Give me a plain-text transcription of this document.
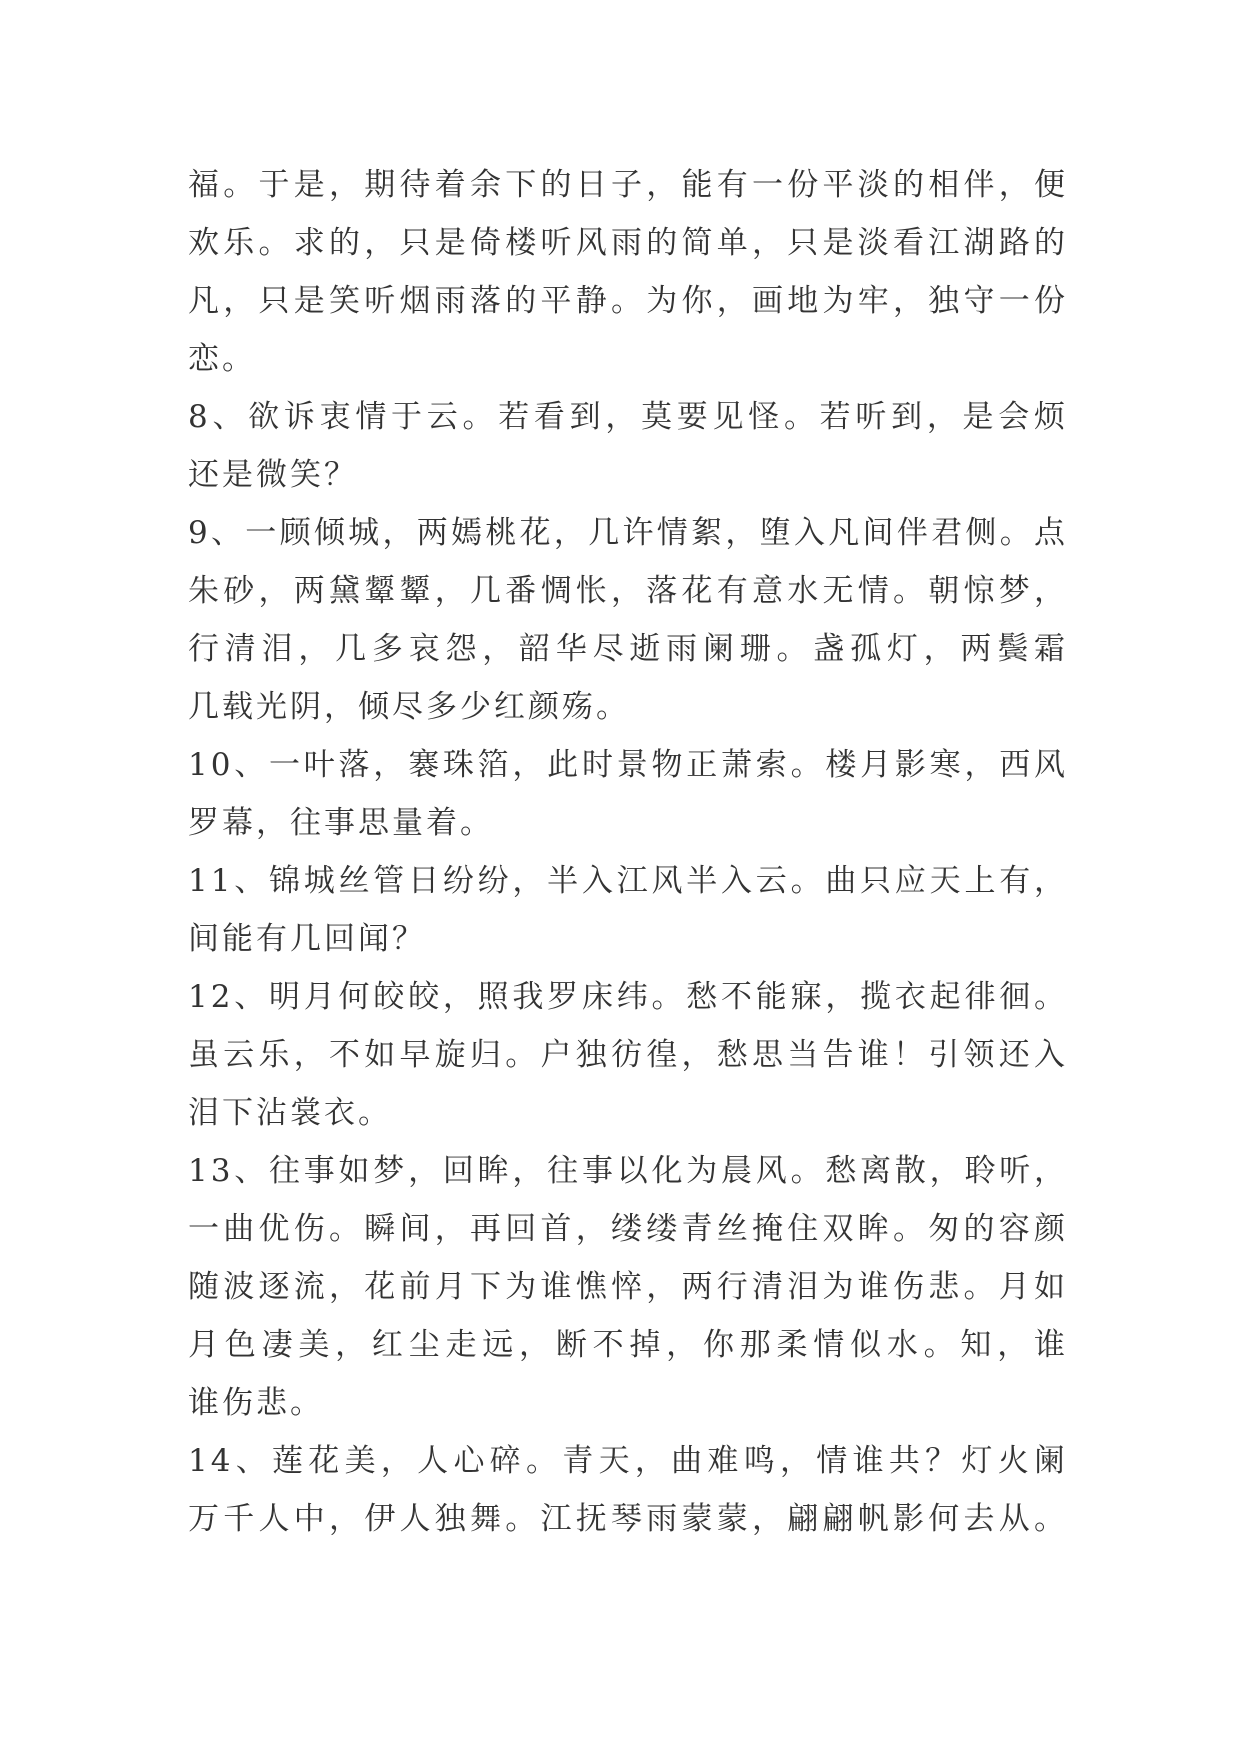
福。于是，期待着余下的日子，能有一份平淡的相伴，便
欢乐。求的，只是倚楼听风雨的简单，只是淡看江湖路的
凡，只是笑听烟雨落的平静。为你，画地为牢，独守一份
恋。
8、欲诉衷情于云。若看到，莫要见怪。若听到，是会烦
还是微笑？
9、一顾倾城，两嫣桃花，几许情絮，堕入凡间伴君侧。点
朱砂，两黛颦颦，几番惆怅，落花有意水无情。朝惊梦，
行清泪，几多哀怨，韶华尽逝雨阑珊。盏孤灯，两鬓霜
几载光阴，倾尽多少红颜殇。
10、一叶落，褰珠箔，此时景物正萧索。楼月影寒，西风
罗幕，往事思量着。
11、锦城丝管日纷纷，半入江风半入云。曲只应天上有，
间能有几回闻？
12、明月何皎皎，照我罗床纬。愁不能寐，揽衣起徘徊。
虽云乐，不如早旋归。户独彷徨，愁思当告谁！引领还入
泪下沾裳衣。
13、往事如梦，回眸，往事以化为晨风。愁离散，聆听，
一曲优伤。瞬间，再回首，缕缕青丝掩住双眸。匆的容颜
随波逐流，花前月下为谁憔悴，两行清泪为谁伤悲。月如
月色凄美，红尘走远，断不掉，你那柔情似水。知，谁
谁伤悲。
14、莲花美，人心碎。青天，曲难鸣，情谁共？灯火阑
万千人中，伊人独舞。江抚琴雨蒙蒙，翩翩帆影何去从。
